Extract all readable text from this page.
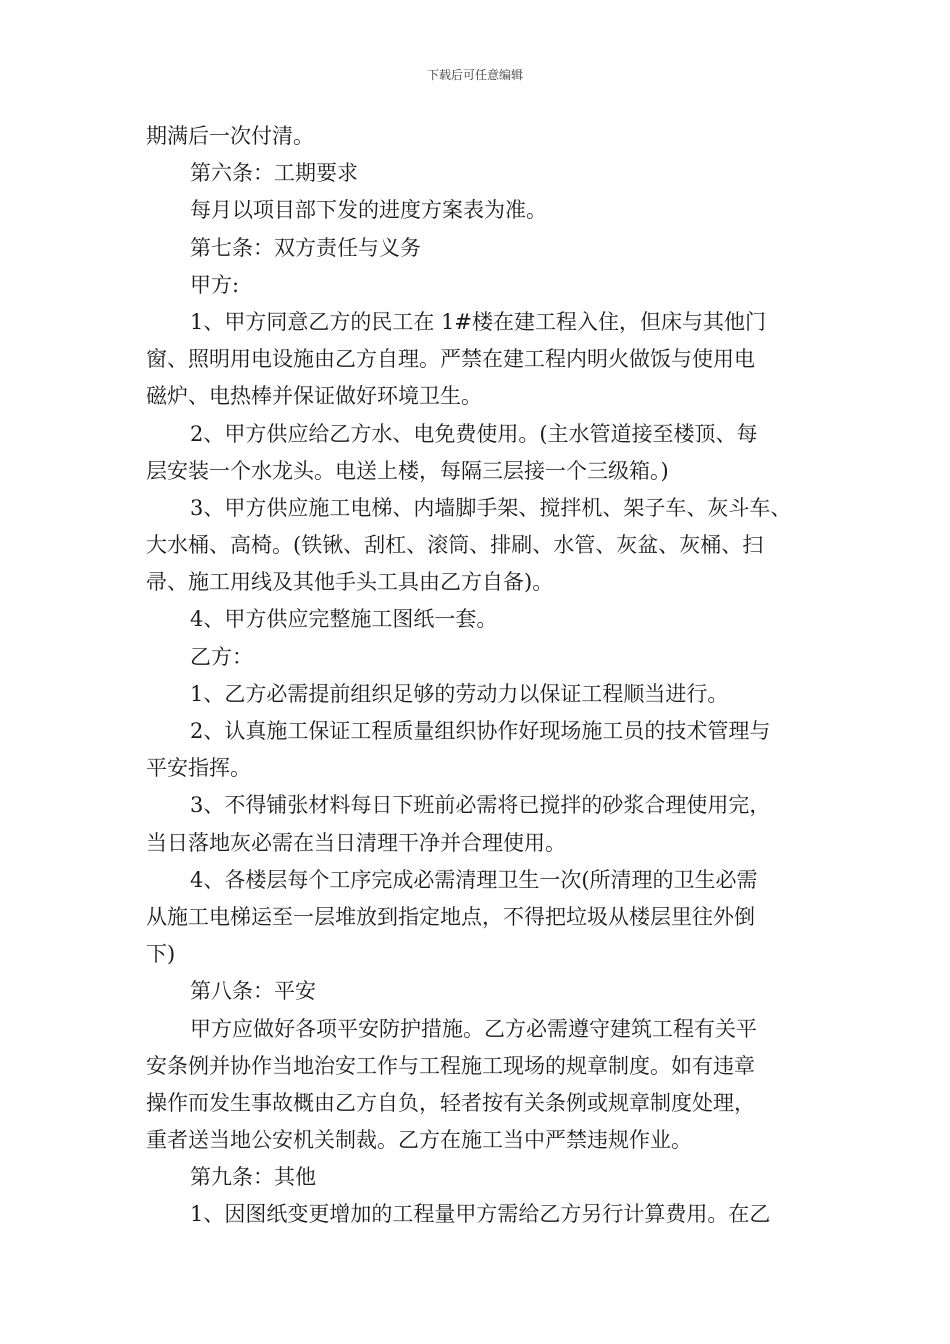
下载后可任意编辑
期满后一次付清。
第六条：工期要求
每月以项目部下发的进度方案表为准。
第七条：双方责任与义务
甲方:
1、甲方同意乙方的民工在 1#楼在建工程入住，但床与其他门
窗、照明用电设施由乙方自理。严禁在建工程内明火做饭与使用电
磁炉、电热棒并保证做好环境卫生。
2、甲方供应给乙方水、电免费使用。(主水管道接至楼顶、每
层安装一个水龙头。电送上楼，每隔三层接一个三级箱。)
3、甲方供应施工电梯、内墙脚手架、搅拌机、架子车、灰斗车、
大水桶、高椅。(铁锹、刮杠、滚筒、排刷、水管、灰盆、灰桶、扫
帚、施工用线及其他手头工具由乙方自备)。
4、甲方供应完整施工图纸一套。
乙方：
1、乙方必需提前组织足够的劳动力以保证工程顺当进行。
2、认真施工保证工程质量组织协作好现场施工员的技术管理与
平安指挥。
3、不得铺张材料每日下班前必需将已搅拌的砂浆合理使用完，
当日落地灰必需在当日清理干净并合理使用。
4、各楼层每个工序完成必需清理卫生一次(所清理的卫生必需
从施工电梯运至一层堆放到指定地点，不得把垃圾从楼层里往外倒
下)
第八条：平安
甲方应做好各项平安防护措施。乙方必需遵守建筑工程有关平
安条例并协作当地治安工作与工程施工现场的规章制度。如有违章
操作而发生事故概由乙方自负，轻者按有关条例或规章制度处理，
重者送当地公安机关制裁。乙方在施工当中严禁违规作业。
第九条：其他
1、因图纸变更增加的工程量甲方需给乙方另行计算费用。在乙
